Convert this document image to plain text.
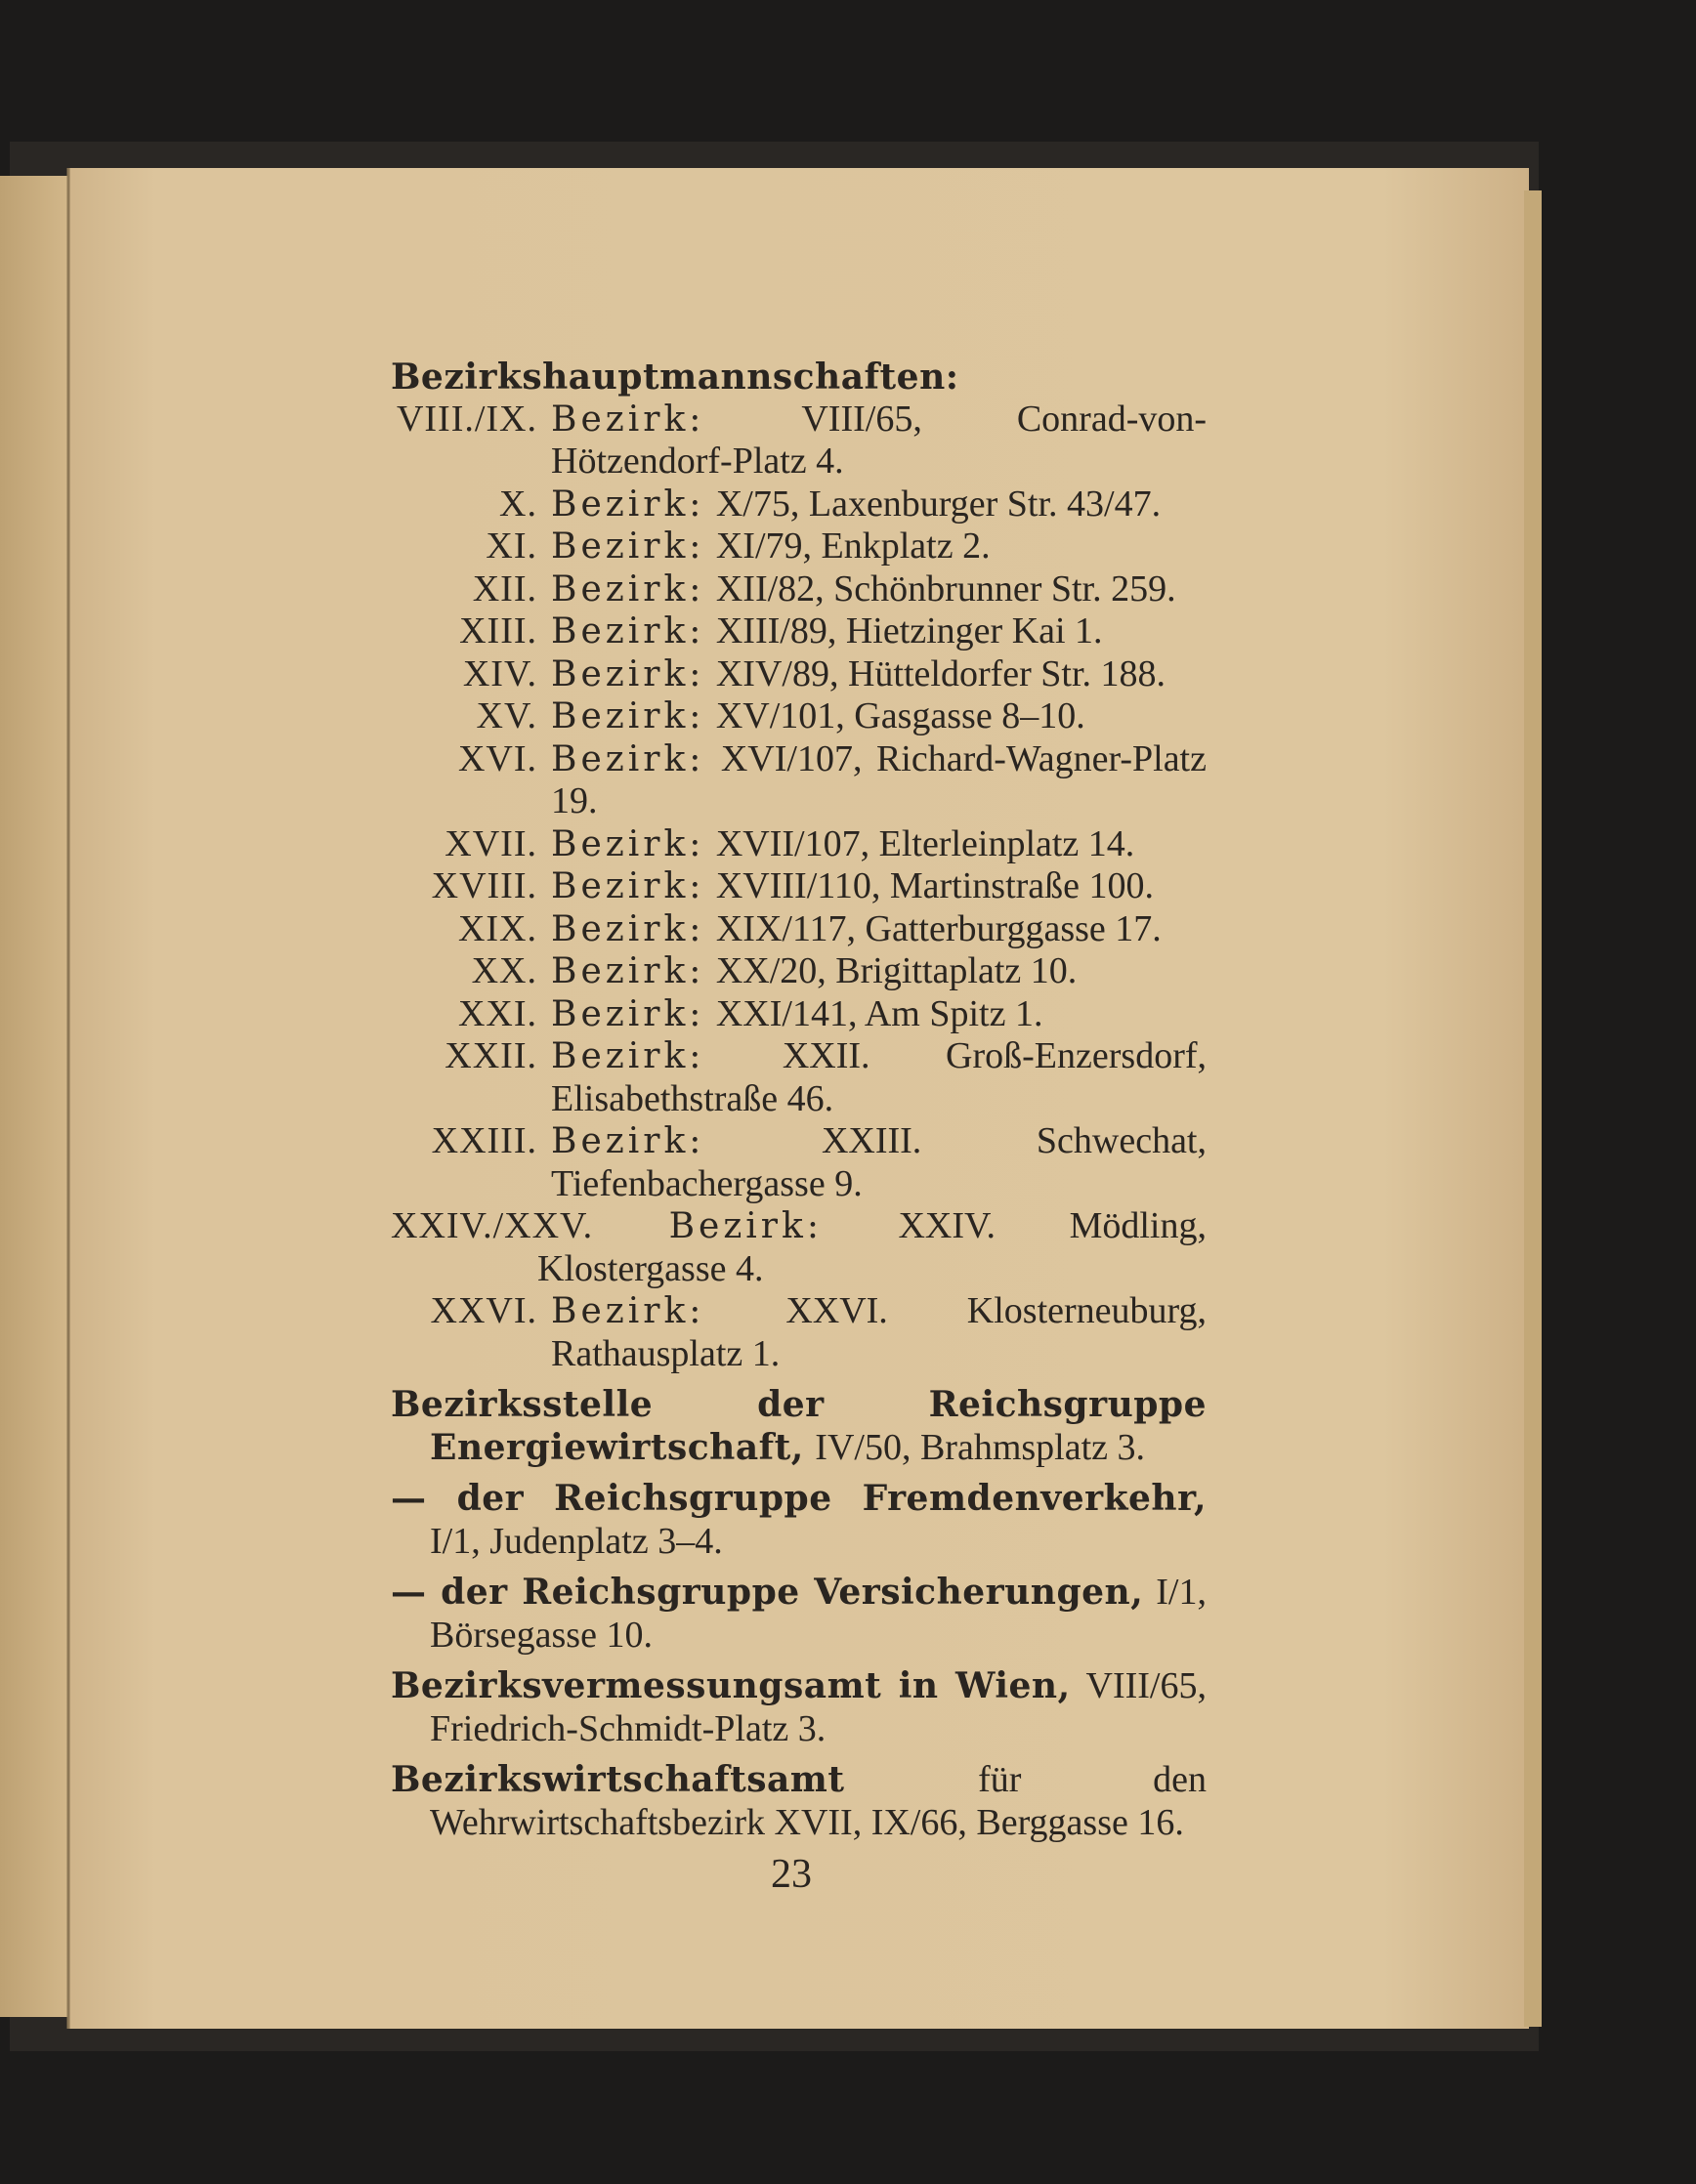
Bezirkshauptmannschaften:
VIII./IX. Bezirk:	VIII/65, Conrad-von-Hötzendorf-Platz 4.
X. Bezirk: X/75, Laxenburger Str. 43/47.
XI. Bezirk: XI/79, Enkplatz 2.
XII. Bezirk: XII/82, Schönbrunner Str. 259.
XIII. Bezirk: XIII/89, Hietzinger Kai 1.
XIV. Bezirk: XIV/89, Hütteldorfer Str. 188.
XV. Bezirk: XV/101, Gasgasse 8–10.
XVI. Bezirk: XVI/107, Richard-Wagner-Platz 19.
XVII. Bezirk: XVII/107, Elterleinplatz 14.
XVIII. Bezirk: XVIII/110, Martinstraße 100.
XIX. Bezirk: XIX/117, Gatterburggasse 17.
XX. Bezirk: XX/20, Brigittaplatz 10.
XXI. Bezirk: XXI/141, Am Spitz 1.
XXII. Bezirk: XXII. Groß-Enzersdorf, Elisabethstraße 46.
XXIII. Bezirk:	XXIII. Schwechat, Tiefenbachergasse 9.
XXIV./XXV. Bezirk: XXIV. Mödling, Klostergasse 4.
XXVI. Bezirk: XXVI. Klosterneuburg, Rathausplatz 1.
Bezirksstelle der Reichsgruppe Energiewirtschaft, IV/50, Brahmsplatz 3.
— der Reichsgruppe Fremdenverkehr, I/1, Judenplatz 3–4.
— der Reichsgruppe Versicherungen, I/1, Börsegasse 10.
Bezirksvermessungsamt in Wien, VIII/65, Friedrich-Schmidt-Platz 3.
Bezirkswirtschaftsamt	für den Wehrwirtschaftsbezirk XVII, IX/66, Berggasse 16.
23
